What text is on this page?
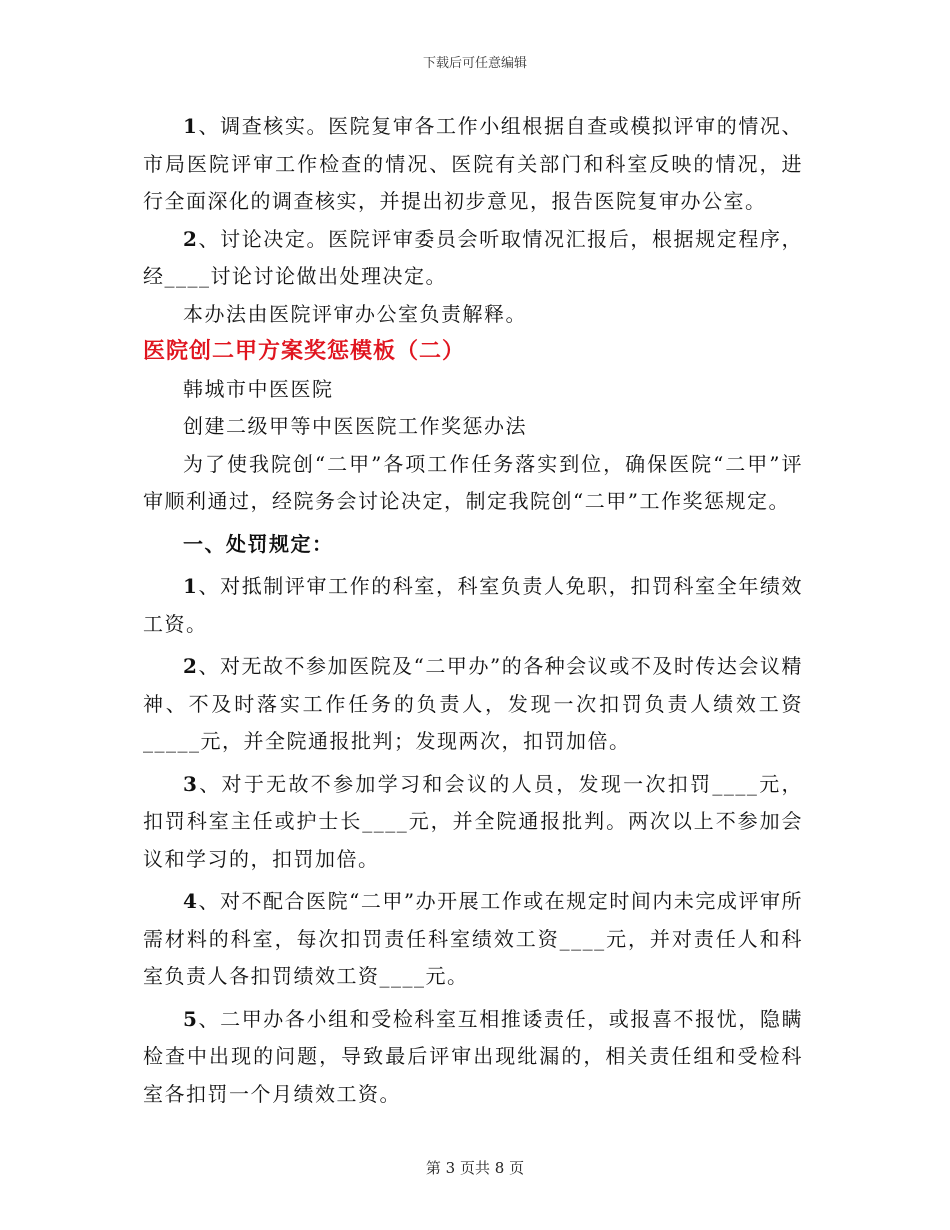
下载后可任意编辑

1、调查核实。医院复审各工作小组根据自查或模拟评审的情况、市局医院评审工作检查的情况、医院有关部门和科室反映的情况，进行全面深化的调查核实，并提出初步意见，报告医院复审办公室。

2、讨论决定。医院评审委员会听取情况汇报后，根据规定程序，经____讨论讨论做出处理决定。

本办法由医院评审办公室负责解释。

医院创二甲方案奖惩模板（二）

韩城市中医医院

创建二级甲等中医医院工作奖惩办法

为了使我院创“二甲”各项工作任务落实到位，确保医院“二甲”评审顺利通过，经院务会讨论决定，制定我院创“二甲”工作奖惩规定。

一、处罚规定：

1、对抵制评审工作的科室，科室负责人免职，扣罚科室全年绩效工资。

2、对无故不参加医院及“二甲办”的各种会议或不及时传达会议精神、不及时落实工作任务的负责人，发现一次扣罚负责人绩效工资_____元，并全院通报批判；发现两次，扣罚加倍。

3、对于无故不参加学习和会议的人员，发现一次扣罚____元，扣罚科室主任或护士长____元，并全院通报批判。两次以上不参加会议和学习的，扣罚加倍。

4、对不配合医院“二甲”办开展工作或在规定时间内未完成评审所需材料的科室，每次扣罚责任科室绩效工资____元，并对责任人和科室负责人各扣罚绩效工资____元。

5、二甲办各小组和受检科室互相推诿责任，或报喜不报忧，隐瞒检查中出现的问题，导致最后评审出现纰漏的，相关责任组和受检科室各扣罚一个月绩效工资。

第 3 页共 8 页
